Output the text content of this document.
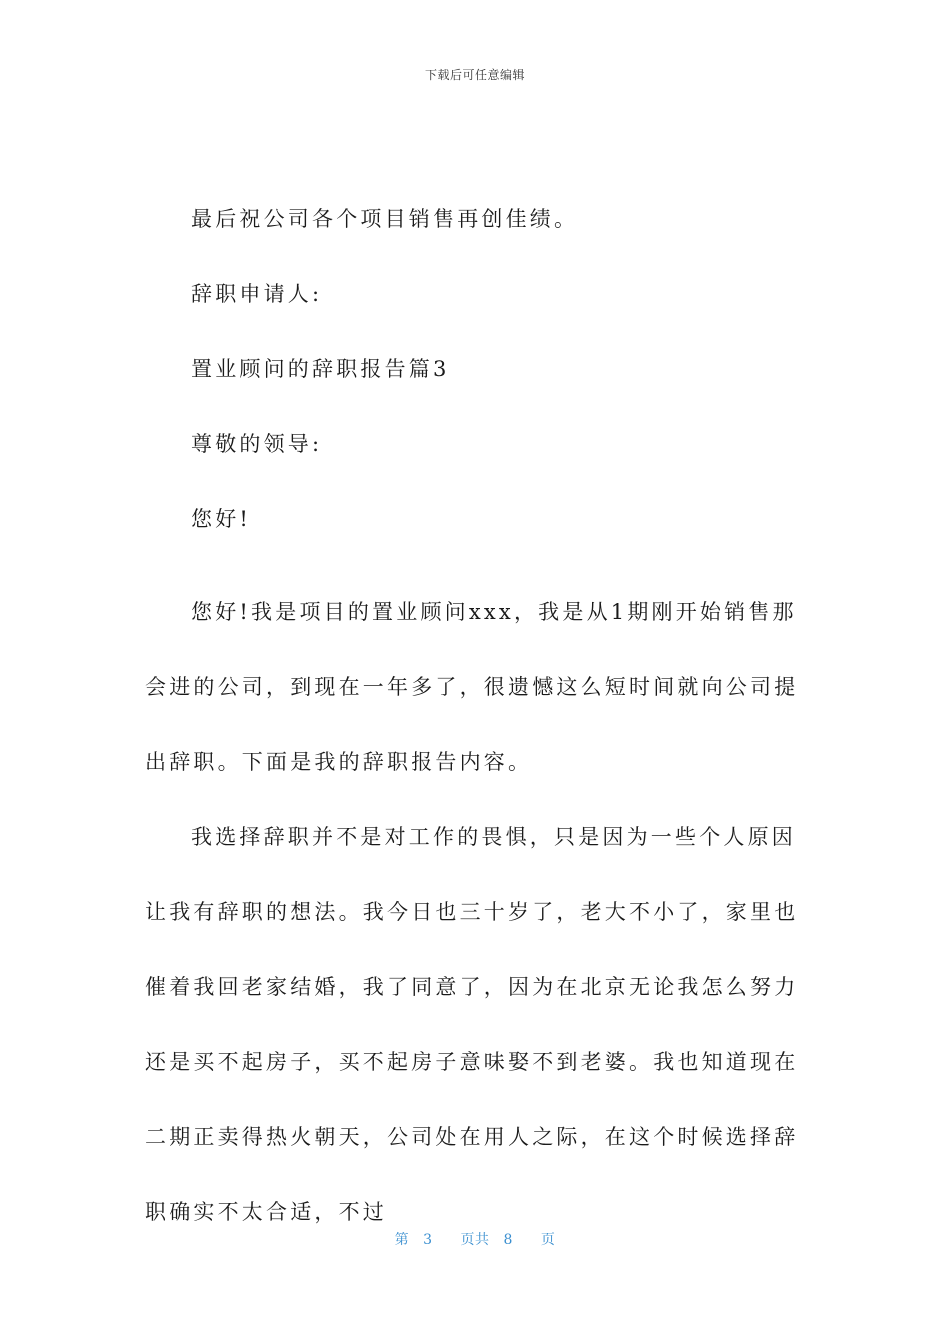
下载后可任意编辑

最后祝公司各个项目销售再创佳绩。

辞职申请人:

置业顾问的辞职报告篇3

尊敬的领导:

您好!

您好!我是项目的置业顾问xxx，我是从1期刚开始销售那会进的公司，到现在一年多了，很遗憾这么短时间就向公司提出辞职。下面是我的辞职报告内容。

我选择辞职并不是对工作的畏惧，只是因为一些个人原因让我有辞职的想法。我今日也三十岁了，老大不小了，家里也催着我回老家结婚，我了同意了，因为在北京无论我怎么努力还是买不起房子，买不起房子意味娶不到老婆。我也知道现在二期正卖得热火朝天，公司处在用人之际，在这个时候选择辞职确实不太合适，不过

第 3 页共 8 页
